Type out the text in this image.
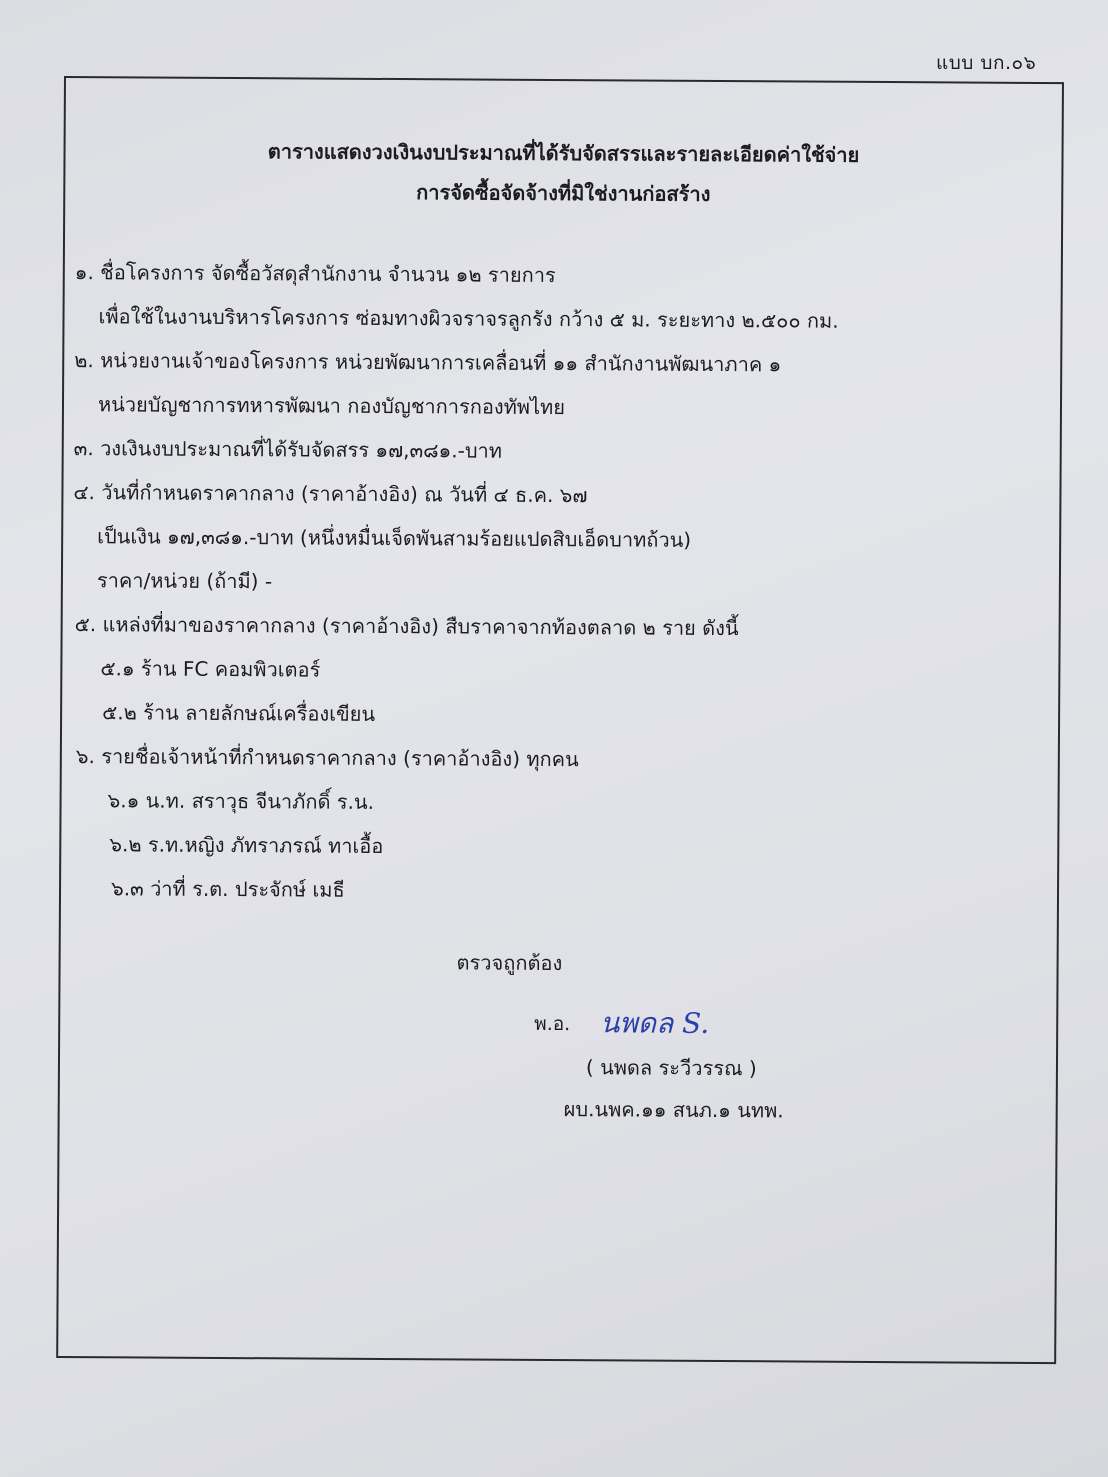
แบบ บก.๐๖
ตารางแสดงวงเงินงบประมาณที่ได้รับจัดสรรและรายละเอียดค่าใช้จ่าย
การจัดซื้อจัดจ้างที่มิใช่งานก่อสร้าง
๑. ชื่อโครงการ จัดซื้อวัสดุสำนักงาน จำนวน ๑๒ รายการ
เพื่อใช้ในงานบริหารโครงการ ซ่อมทางผิวจราจรลูกรัง กว้าง ๕ ม. ระยะทาง ๒.๕๐๐ กม.
๒. หน่วยงานเจ้าของโครงการ หน่วยพัฒนาการเคลื่อนที่ ๑๑ สำนักงานพัฒนาภาค ๑
หน่วยบัญชาการทหารพัฒนา กองบัญชาการกองทัพไทย
๓. วงเงินงบประมาณที่ได้รับจัดสรร ๑๗,๓๘๑.-บาท
๔. วันที่กำหนดราคากลาง (ราคาอ้างอิง) ณ วันที่ ๔ ธ.ค. ๖๗
เป็นเงิน ๑๗,๓๘๑.-บาท (หนึ่งหมื่นเจ็ดพันสามร้อยแปดสิบเอ็ดบาทถ้วน)
ราคา/หน่วย (ถ้ามี) -
๕. แหล่งที่มาของราคากลาง (ราคาอ้างอิง) สืบราคาจากท้องตลาด ๒ ราย ดังนี้
๕.๑ ร้าน FC คอมพิวเตอร์
๕.๒ ร้าน ลายลักษณ์เครื่องเขียน
๖. รายชื่อเจ้าหน้าที่กำหนดราคากลาง (ราคาอ้างอิง) ทุกคน
๖.๑ น.ท. สราวุธ จีนาภักดิ์ ร.น.
๖.๒ ร.ท.หญิง ภัทราภรณ์ ทาเอื้อ
๖.๓ ว่าที่ ร.ต. ประจักษ์ เมธี
ตรวจถูกต้อง
พ.อ. นพดล S.
( นพดล ระวีวรรณ )
ผบ.นพค.๑๑ สนภ.๑ นทพ.
